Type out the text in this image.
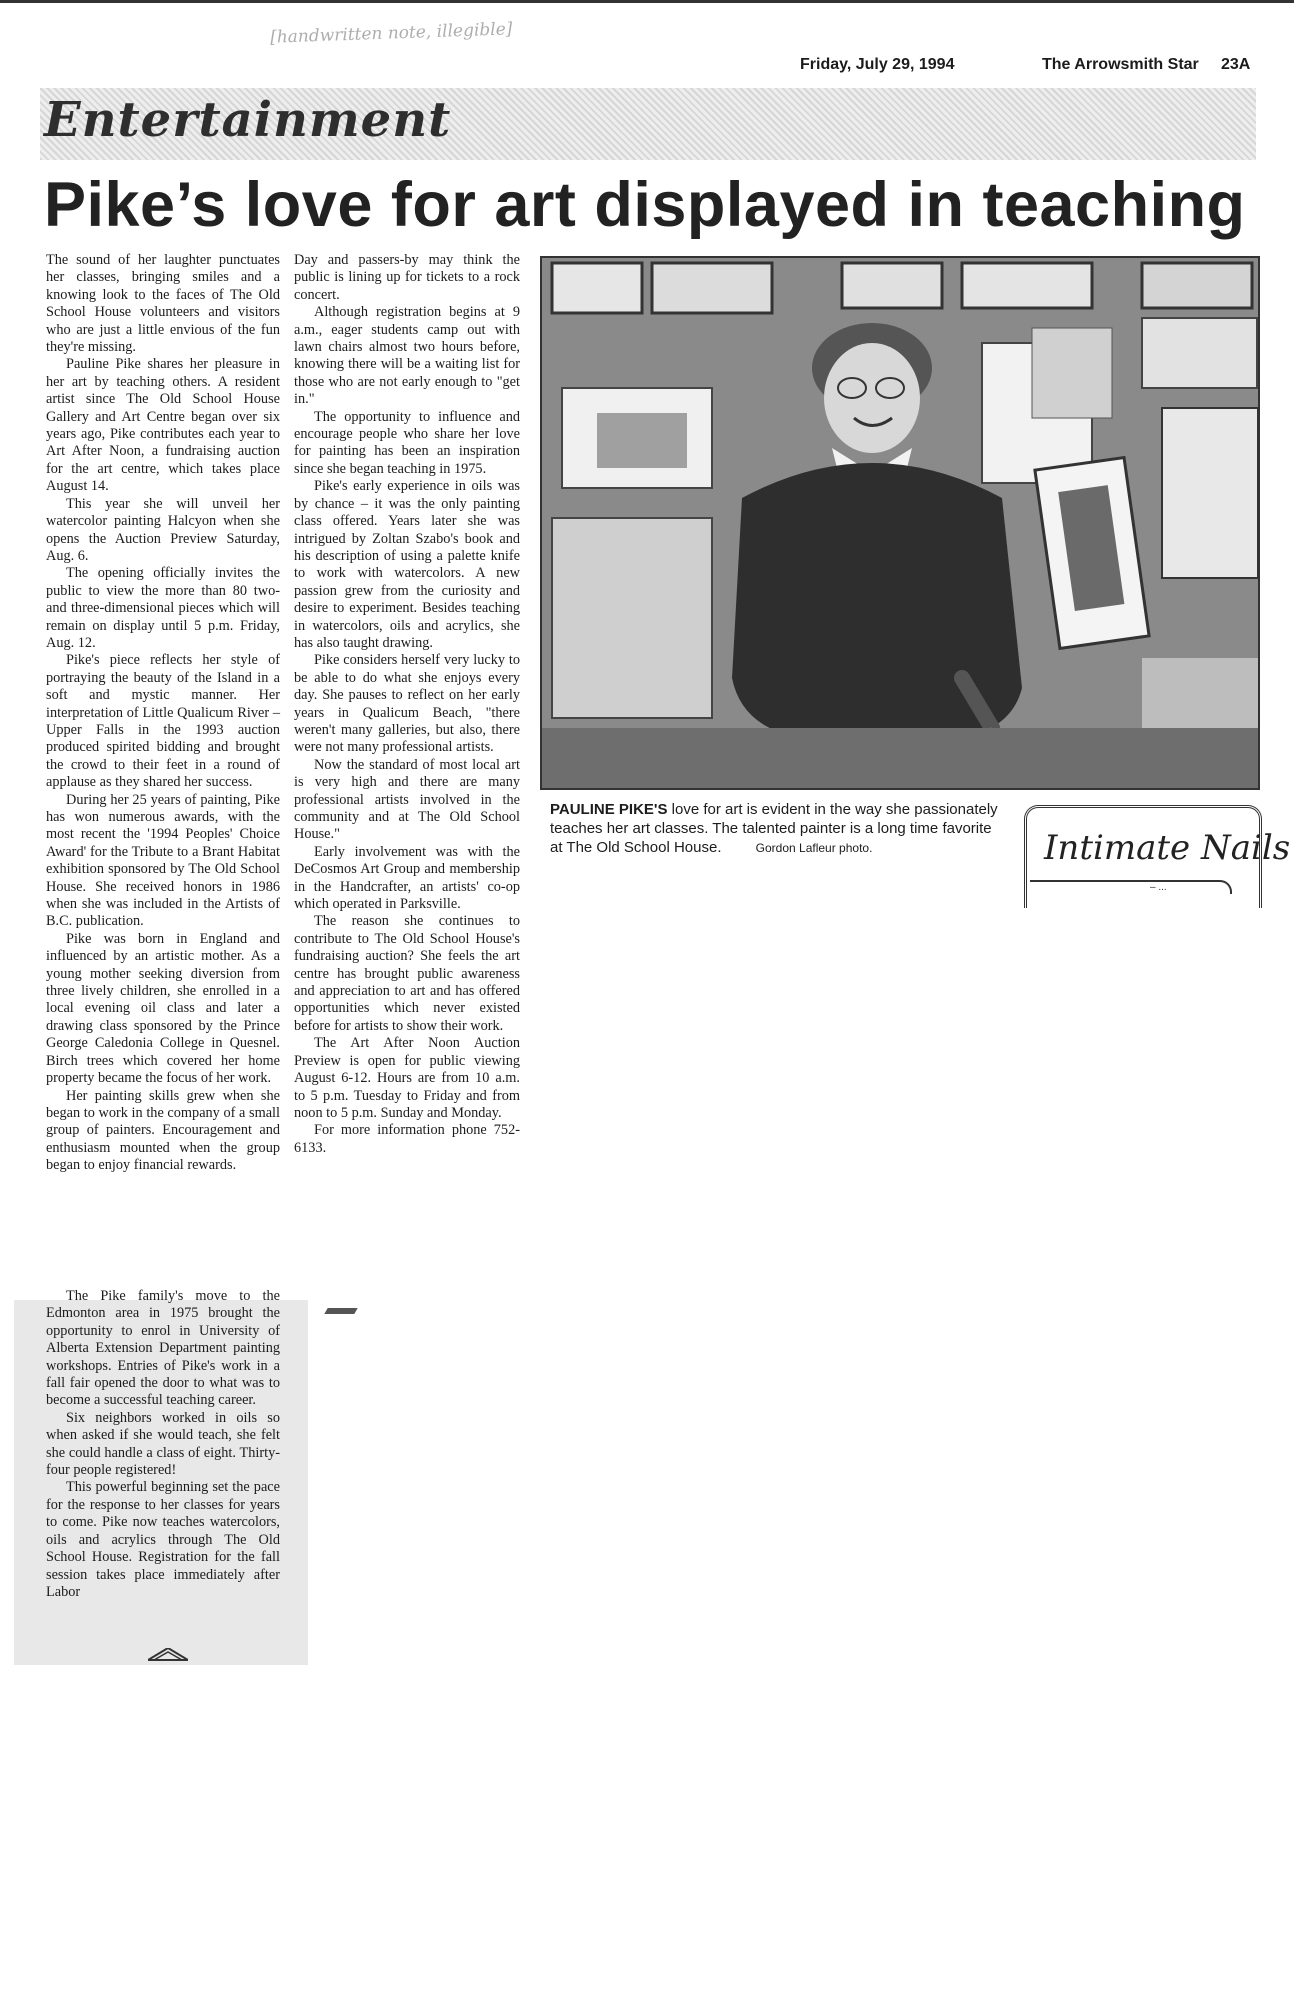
[handwritten note, illegible]
Friday, July 29, 1994	The Arrowsmith Star 23A
Entertainment
Pike’s love for art displayed in teaching

The sound of her laughter punctuates her classes, bringing smiles and a knowing look to the faces of The Old School House volunteers and visitors who are just a little envious of the fun they're missing.

Pauline Pike shares her pleasure in her art by teaching others. A resident artist since The Old School House Gallery and Art Centre began over six years ago, Pike contributes each year to Art After Noon, a fundraising auction for the art centre, which takes place August 14.

This year she will unveil her watercolor painting Halcyon when she opens the Auction Preview Saturday, Aug. 6.

The opening officially invites the public to view the more than 80 two- and three-dimensional pieces which will remain on display until 5 p.m. Friday, Aug. 12.

Pike's piece reflects her style of portraying the beauty of the Island in a soft and mystic manner. Her interpretation of Little Qualicum River – Upper Falls in the 1993 auction produced spirited bidding and brought the crowd to their feet in a round of applause as they shared her success.

During her 25 years of painting, Pike has won numerous awards, with the most recent the '1994 Peoples' Choice Award' for the Tribute to a Brant Habitat exhibition sponsored by The Old School House. She received honors in 1986 when she was included in the Artists of B.C. publication.

Pike was born in England and influenced by an artistic mother. As a young mother seeking diversion from three lively children, she enrolled in a local evening oil class and later a drawing class sponsored by the Prince George Caledonia College in Quesnel. Birch trees which covered her home property became the focus of her work.

Her painting skills grew when she began to work in the company of a small group of painters. Encouragement and enthusiasm mounted when the group began to enjoy financial rewards.

The Pike family's move to the Edmonton area in 1975 brought the opportunity to enrol in University of Alberta Extension Department painting workshops. Entries of Pike's work in a fall fair opened the door to what was to become a successful teaching career.

Six neighbors worked in oils so when asked if she would teach, she felt she could handle a class of eight. Thirty-four people registered!

This powerful beginning set the pace for the response to her classes for years to come. Pike now teaches watercolors, oils and acrylics through The Old School House. Registration for the fall session takes place immediately after Labor

Day and passers-by may think the public is lining up for tickets to a rock concert.

Although registration begins at 9 a.m., eager students camp out with lawn chairs almost two hours before, knowing there will be a waiting list for those who are not early enough to "get in."

The opportunity to influence and encourage people who share her love for painting has been an inspiration since she began teaching in 1975.

Pike's early experience in oils was by chance – it was the only painting class offered. Years later she was intrigued by Zoltan Szabo's book and his description of using a palette knife to work with watercolors. A new passion grew from the curiosity and desire to experiment. Besides teaching in watercolors, oils and acrylics, she has also taught drawing.

Pike considers herself very lucky to be able to do what she enjoys every day. She pauses to reflect on her early years in Qualicum Beach, "there weren't many galleries, but also, there were not many professional artists.

Now the standard of most local art is very high and there are many professional artists involved in the community and at The Old School House."

Early involvement was with the DeCosmos Art Group and membership in the Handcrafter, an artists' co-op which operated in Parksville.

The reason she continues to contribute to The Old School House's fundraising auction? She feels the art centre has brought public awareness and appreciation to art and has offered opportunities which never existed before for artists to show their work.

The Art After Noon Auction Preview is open for public viewing August 6-12. Hours are from 10 a.m. to 5 p.m. Tuesday to Friday and from noon to 5 p.m. Sunday and Monday.

For more information phone 752-6133.

PAULINE PIKE'S love for art is evident in the way she passionately teaches her art classes. The talented painter is a long time favorite at The Old School House.	Gordon Lafleur photo.	Intimate Nails
– ...
